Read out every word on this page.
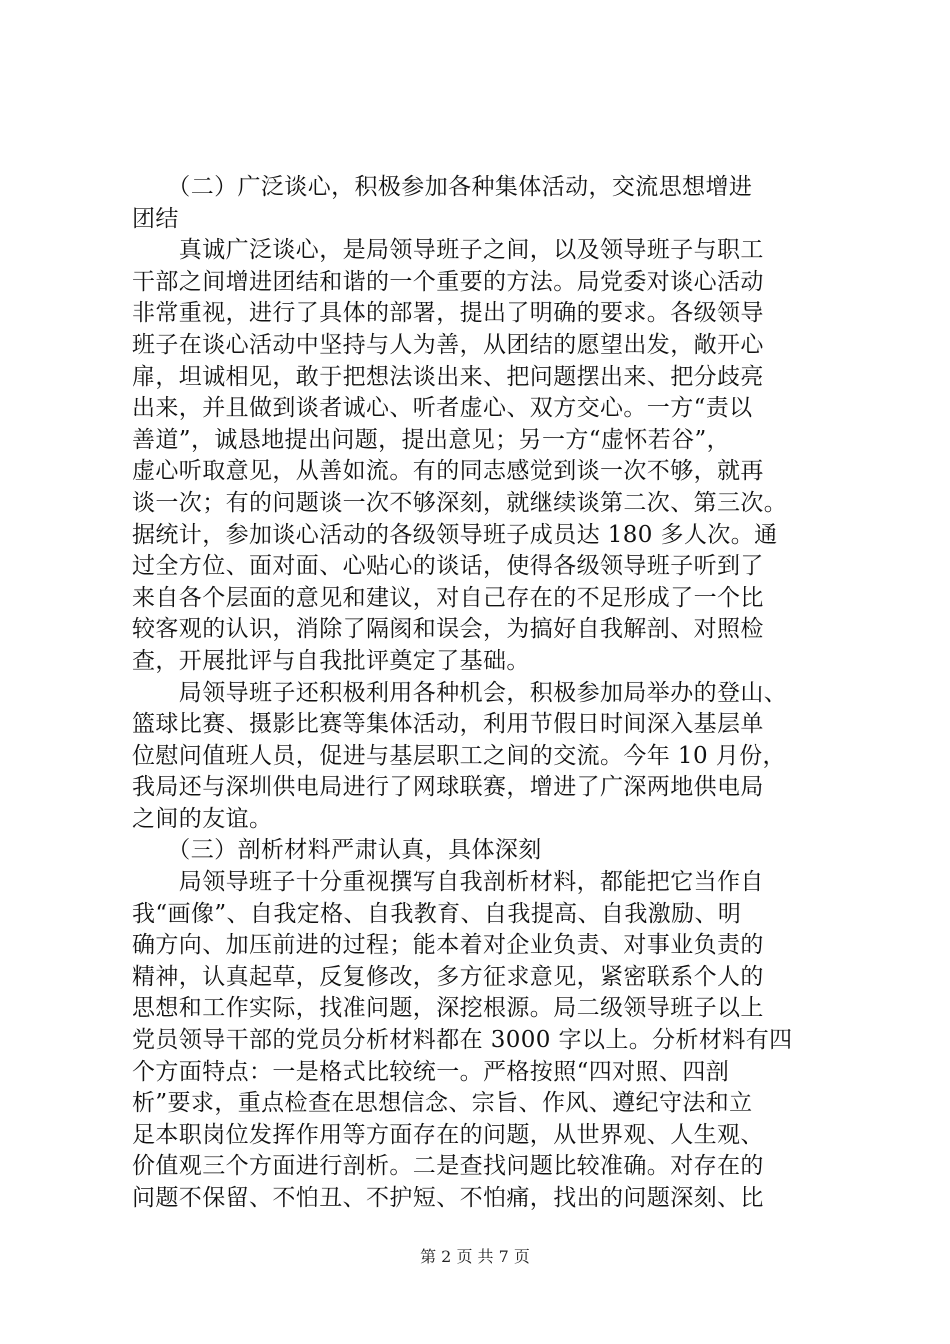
　　（二）广泛谈心，积极参加各种集体活动，交流思想增进
团结
　　真诚广泛谈心，是局领导班子之间，以及领导班子与职工
干部之间增进团结和谐的一个重要的方法。局党委对谈心活动
非常重视，进行了具体的部署，提出了明确的要求。各级领导
班子在谈心活动中坚持与人为善，从团结的愿望出发，敞开心
扉，坦诚相见，敢于把想法谈出来、把问题摆出来、把分歧亮
出来，并且做到谈者诚心、听者虚心、双方交心。一方“责以
善道”，诚恳地提出问题，提出意见；另一方“虚怀若谷”，
虚心听取意见，从善如流。有的同志感觉到谈一次不够，就再
谈一次；有的问题谈一次不够深刻，就继续谈第二次、第三次。
据统计，参加谈心活动的各级领导班子成员达 180 多人次。通
过全方位、面对面、心贴心的谈话，使得各级领导班子听到了
来自各个层面的意见和建议，对自己存在的不足形成了一个比
较客观的认识，消除了隔阂和误会，为搞好自我解剖、对照检
查，开展批评与自我批评奠定了基础。
　　局领导班子还积极利用各种机会，积极参加局举办的登山、
篮球比赛、摄影比赛等集体活动，利用节假日时间深入基层单
位慰问值班人员，促进与基层职工之间的交流。今年 10 月份，
我局还与深圳供电局进行了网球联赛，增进了广深两地供电局
之间的友谊。
　　（三）剖析材料严肃认真，具体深刻
　　局领导班子十分重视撰写自我剖析材料，都能把它当作自
我“画像”、自我定格、自我教育、自我提高、自我激励、明
确方向、加压前进的过程；能本着对企业负责、对事业负责的
精神，认真起草，反复修改，多方征求意见，紧密联系个人的
思想和工作实际，找准问题，深挖根源。局二级领导班子以上
党员领导干部的党员分析材料都在 3000 字以上。分析材料有四
个方面特点：一是格式比较统一。严格按照“四对照、四剖
析”要求，重点检查在思想信念、宗旨、作风、遵纪守法和立
足本职岗位发挥作用等方面存在的问题，从世界观、人生观、
价值观三个方面进行剖析。二是查找问题比较准确。对存在的
问题不保留、不怕丑、不护短、不怕痛，找出的问题深刻、比
第 2 页 共 7 页
